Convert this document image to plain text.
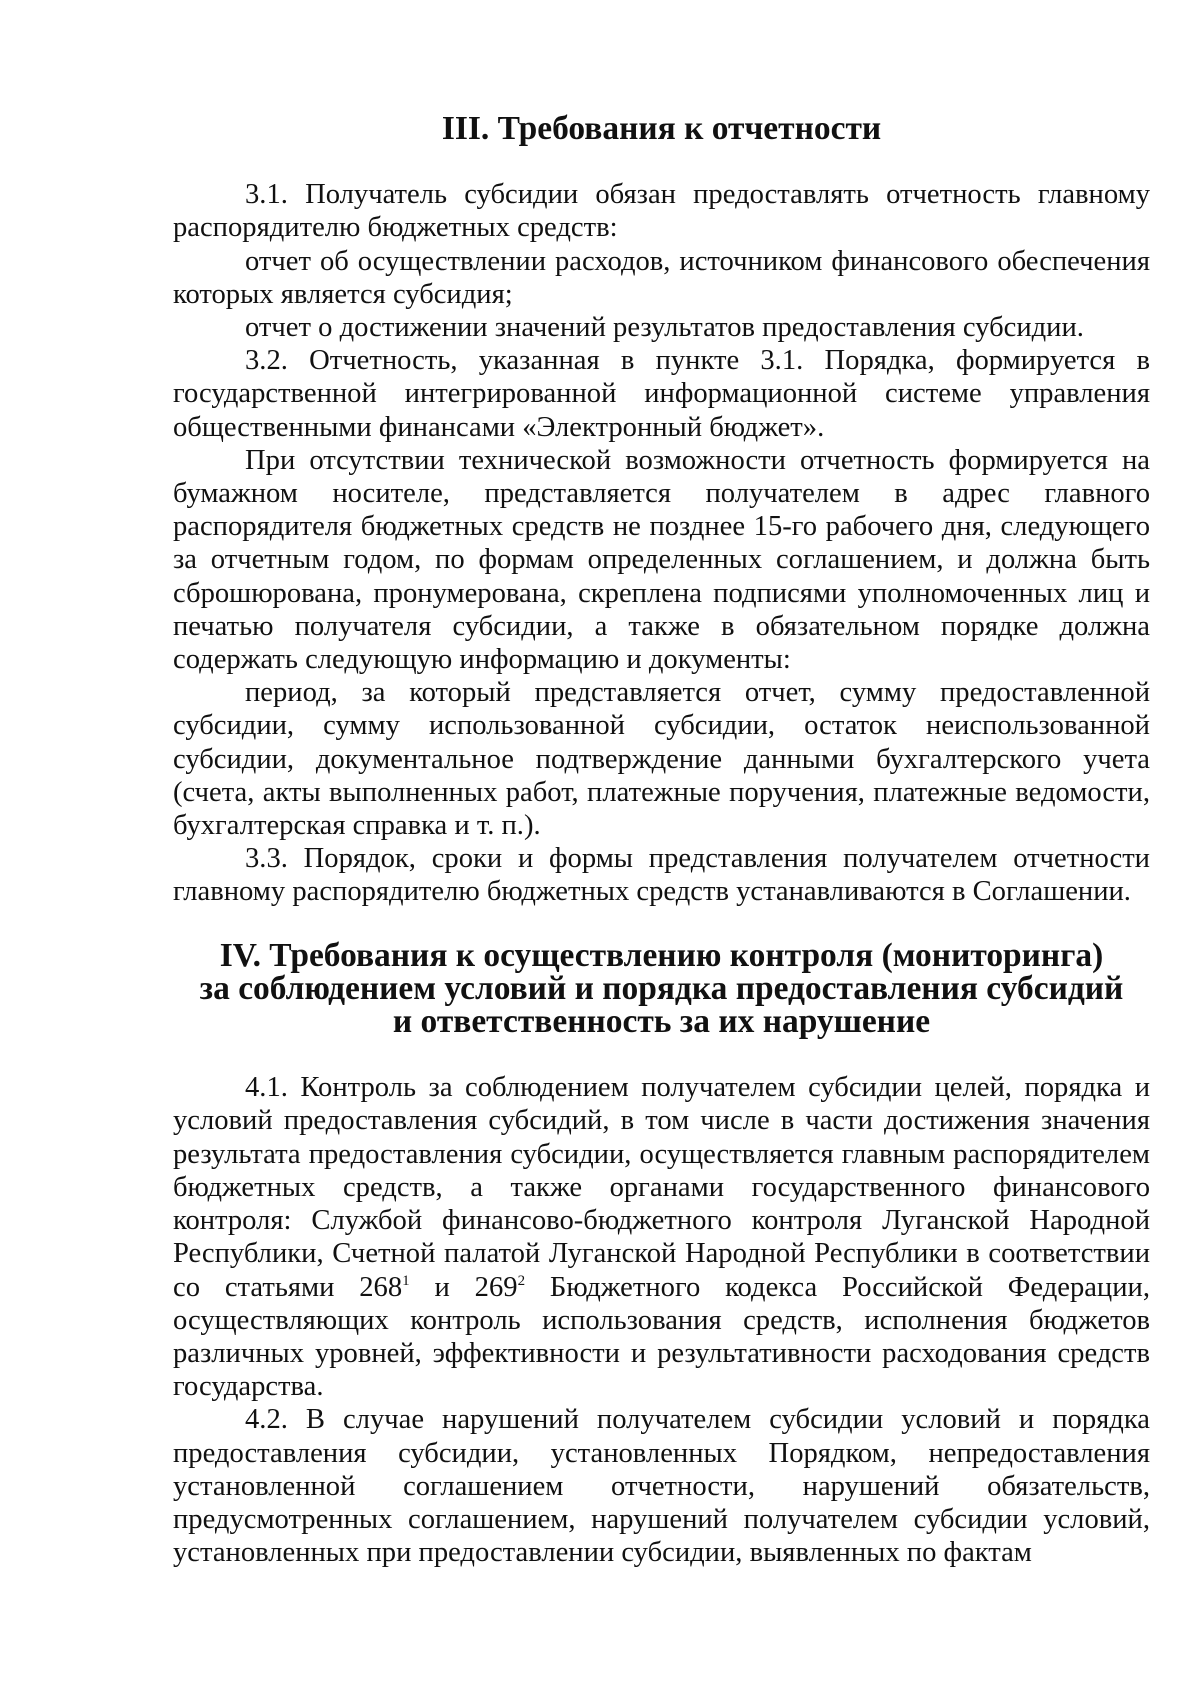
III. Требования к отчетности

3.1. Получатель субсидии обязан предоставлять отчетность главному распорядителю бюджетных средств:

отчет об осуществлении расходов, источником финансового обеспечения которых является субсидия;

отчет о достижении значений результатов предоставления субсидии.

3.2. Отчетность, указанная в пункте 3.1. Порядка, формируется в государственной интегрированной информационной системе управления общественными финансами «Электронный бюджет».

При отсутствии технической возможности отчетность формируется на бумажном носителе, представляется получателем в адрес главного распорядителя бюджетных средств не позднее 15-го рабочего дня, следующего за отчетным годом, по формам определенных соглашением, и должна быть сброшюрована, пронумерована, скреплена подписями уполномоченных лиц и печатью получателя субсидии, а также в обязательном порядке должна содержать следующую информацию и документы:

период, за который представляется отчет, сумму предоставленной субсидии, сумму использованной субсидии, остаток неиспользованной субсидии, документальное подтверждение данными бухгалтерского учета (счета, акты выполненных работ, платежные поручения, платежные ведомости, бухгалтерская справка и т. п.).

3.3. Порядок, сроки и формы представления получателем отчетности главному распорядителю бюджетных средств устанавливаются в Соглашении.

IV. Требования к осуществлению контроля (мониторинга)
за соблюдением условий и порядка предоставления субсидий
и ответственность за их нарушение

4.1. Контроль за соблюдением получателем субсидии целей, порядка и условий предоставления субсидий, в том числе в части достижения значения результата предоставления субсидии, осуществляется главным распорядителем бюджетных средств, а также органами государственного финансового контроля: Службой финансово-бюджетного контроля Луганской Народной Республики, Счетной палатой Луганской Народной Республики в соответствии со статьями $268^1$ и $269^2$ Бюджетного кодекса Российской Федерации, осуществляющих контроль использования средств, исполнения бюджетов различных уровней, эффективности и результативности расходования средств государства.

4.2. В случае нарушений получателем субсидии условий и порядка предоставления субсидии, установленных Порядком, непредоставления установленной соглашением отчетности, нарушений обязательств, предусмотренных соглашением, нарушений получателем субсидии условий, установленных при предоставлении субсидии, выявленных по фактам
